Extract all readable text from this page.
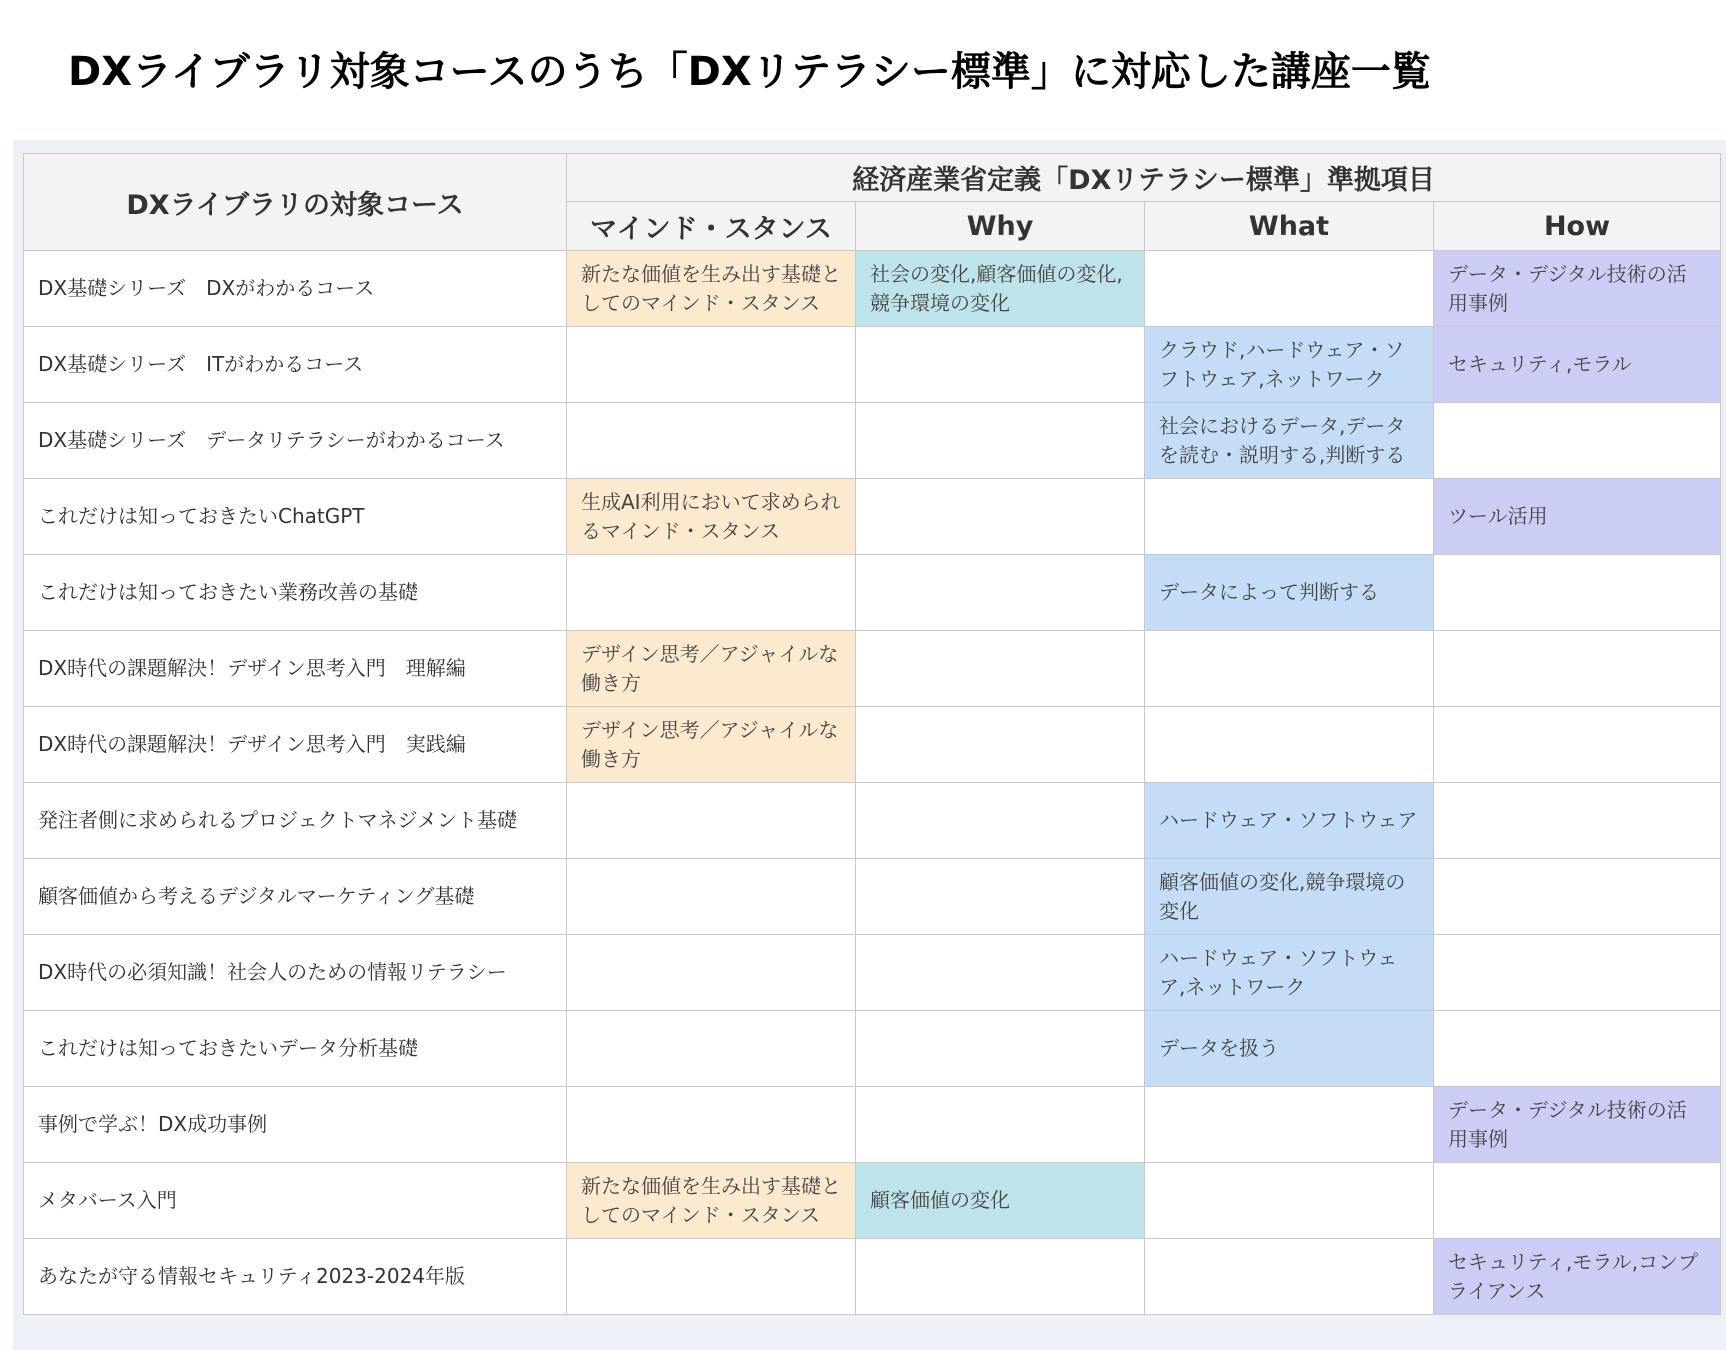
DXライブラリ対象コースのうち「DXリテラシー標準」に対応した講座一覧
DXライブラリの対象コース	経済産業省定義「DXリテラシー標準」準拠項目			
	マインド・スタンス	Why	What	How
DX基礎シリーズ　DXがわかるコース	新たな価値を生み出す基礎としてのマインド・スタンス	社会の変化,顧客価値の変化,競争環境の変化		データ・デジタル技術の活用事例
DX基礎シリーズ　ITがわかるコース			クラウド,ハードウェア・ソフトウェア,ネットワーク	セキュリティ,モラル
DX基礎シリーズ　データリテラシーがわかるコース			社会におけるデータ,データを読む・説明する,判断する	
これだけは知っておきたいChatGPT	生成AI利用において求められるマインド・スタンス			ツール活用
これだけは知っておきたい業務改善の基礎			データによって判断する	
DX時代の課題解決！デザイン思考入門　理解編	デザイン思考／アジャイルな働き方			
DX時代の課題解決！デザイン思考入門　実践編	デザイン思考／アジャイルな働き方			
発注者側に求められるプロジェクトマネジメント基礎			ハードウェア・ソフトウェア	
顧客価値から考えるデジタルマーケティング基礎			顧客価値の変化,競争環境の変化	
DX時代の必須知識！社会人のための情報リテラシー			ハードウェア・ソフトウェア,ネットワーク	
これだけは知っておきたいデータ分析基礎			データを扱う	
事例で学ぶ！DX成功事例				データ・デジタル技術の活用事例
メタバース入門	新たな価値を生み出す基礎としてのマインド・スタンス	顧客価値の変化		
あなたが守る情報セキュリティ2023-2024年版				セキュリティ,モラル,コンプライアンス
